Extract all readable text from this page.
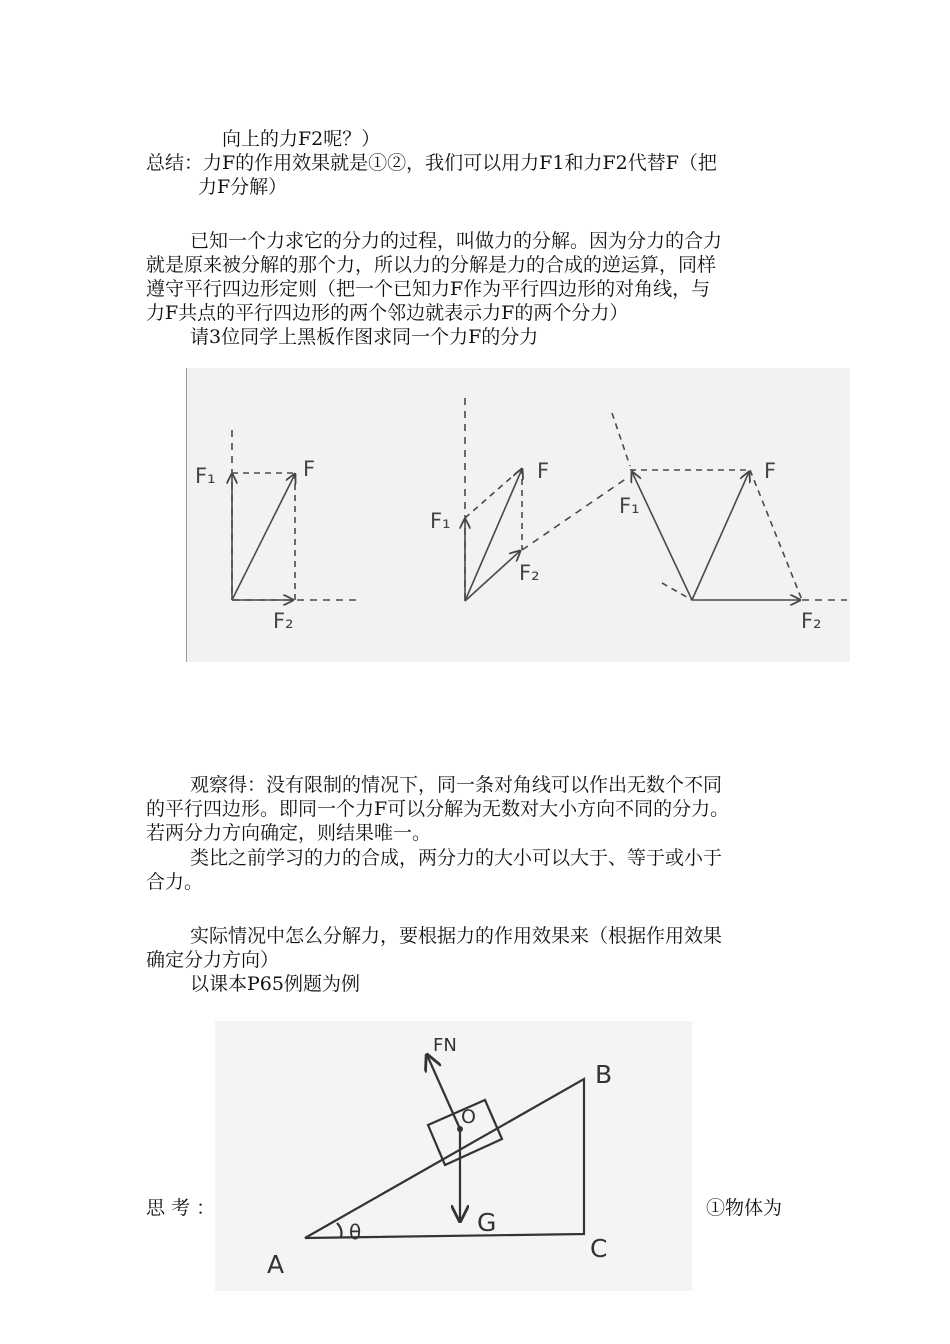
向上的力F2呢？）
总结：力F的作用效果就是①②，我们可以用力F1和力F2代替F（把
力F分解）
已知一个力求它的分力的过程，叫做力的分解。因为分力的合力
就是原来被分解的那个力，所以力的分解是力的合成的逆运算，同样
遵守平行四边形定则（把一个已知力F作为平行四边形的对角线，与
力F共点的平行四边形的两个邻边就表示力F的两个分力）
请3位同学上黑板作图求同一个力F的分力
F
F₁
F₂
F
F₁
F₂
F
F₁
F₂
观察得：没有限制的情况下，同一条对角线可以作出无数个不同
的平行四边形。即同一个力F可以分解为无数对大小方向不同的分力。
若两分力方向确定，则结果唯一。
类比之前学习的力的合成，两分力的大小可以大于、等于或小于
合力。
实际情况中怎么分解力，要根据力的作用效果来（根据作用效果
确定分力方向）
以课本P65例题为例
A
B
C
G
FN
O
θ
思 考 ：	①物体为
